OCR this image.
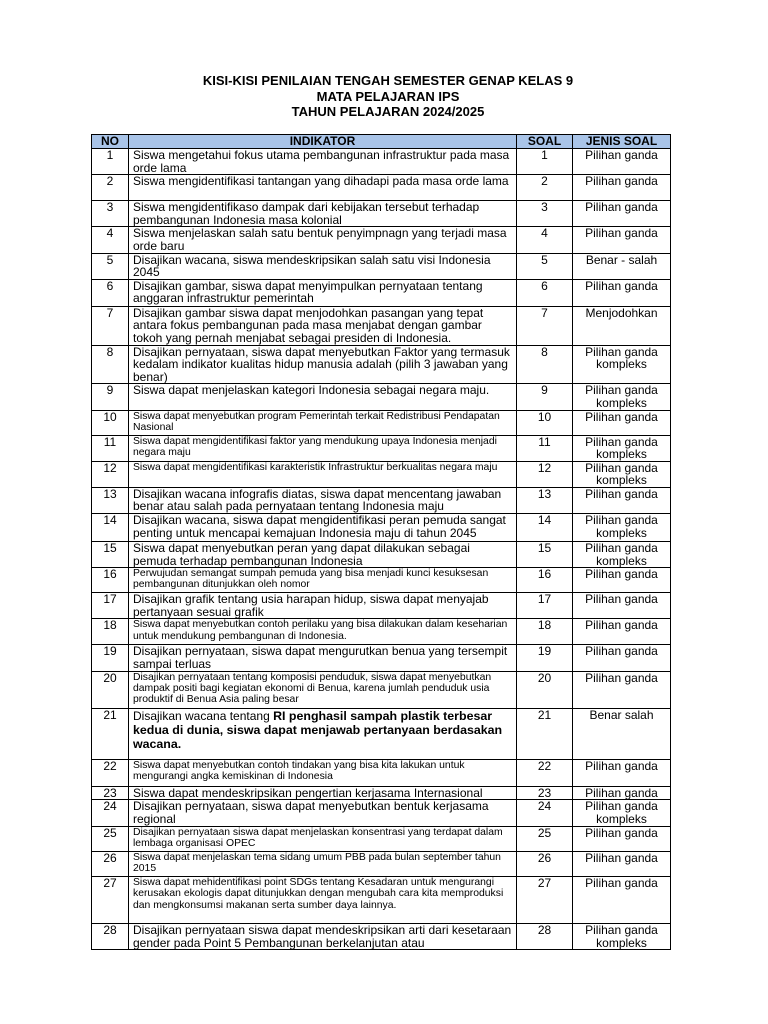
KISI-KISI PENILAIAN TENGAH SEMESTER GENAP KELAS 9
MATA PELAJARAN IPS
TAHUN PELAJARAN 2024/2025
NO	INDIKATOR	SOAL	JENIS SOAL
1	Siswa mengetahui fokus utama pembangunan infrastruktur pada masa orde lama	1	Pilihan ganda
2	Siswa mengidentifikasi tantangan yang dihadapi pada masa orde lama	2	Pilihan ganda
3	Siswa mengidentifikaso dampak dari kebijakan tersebut terhadap pembangunan Indonesia masa kolonial	3	Pilihan ganda
4	Siswa menjelaskan salah satu bentuk penyimpnagn yang terjadi masa orde baru	4	Pilihan ganda
5	Disajikan wacana, siswa mendeskripsikan salah satu visi Indonesia 2045	5	Benar - salah
6	Disajikan gambar, siswa dapat menyimpulkan pernyataan tentang anggaran infrastruktur pemerintah	6	Pilihan ganda
7	Disajikan gambar siswa dapat menjodohkan pasangan yang tepat antara fokus pembangunan pada masa menjabat dengan gambar tokoh yang pernah menjabat sebagai presiden di Indonesia.	7	Menjodohkan
8	Disajikan pernyataan, siswa dapat menyebutkan Faktor yang termasuk kedalam indikator kualitas hidup manusia adalah (pilih 3 jawaban yang benar)	8	Pilihan ganda kompleks
9	Siswa dapat menjelaskan kategori Indonesia sebagai negara maju.	9	Pilihan ganda kompleks
10	Siswa dapat menyebutkan program Pemerintah terkait Redistribusi Pendapatan Nasional	10	Pilihan ganda
11	Siswa dapat mengidentifikasi faktor yang mendukung upaya Indonesia menjadi negara maju	11	Pilihan ganda kompleks
12	Siswa dapat mengidentifikasi karakteristik Infrastruktur berkualitas negara maju	12	Pilihan ganda kompleks
13	Disajikan wacana infografis diatas, siswa dapat mencentang jawaban benar atau salah pada pernyataan tentang Indonesia maju	13	Pilihan ganda
14	Disajikan wacana, siswa dapat mengidentifikasi peran pemuda sangat penting untuk mencapai kemajuan Indonesia maju di tahun 2045	14	Pilihan ganda kompleks
15	Siswa dapat menyebutkan peran yang dapat dilakukan sebagai pemuda terhadap pembangunan Indonesia	15	Pilihan ganda kompleks
16	Perwujudan semangat sumpah pemuda yang bisa menjadi kunci kesuksesan pembangunan ditunjukkan oleh nomor	16	Pilihan ganda
17	Disajikan grafik tentang usia harapan hidup, siswa dapat menyajab pertanyaan sesuai grafik	17	Pilihan ganda
18	Siswa dapat menyebutkan contoh perilaku yang bisa dilakukan dalam keseharian untuk mendukung pembangunan di Indonesia.	18	Pilihan ganda
19	Disajikan pernyataan, siswa dapat mengurutkan benua yang tersempit sampai terluas	19	Pilihan ganda
20	Disajikan pernyataan tentang komposisi penduduk, siswa dapat menyebutkan dampak positi bagi kegiatan ekonomi di Benua, karena jumlah penduduk usia produktif di Benua Asia paling besar	20	Pilihan ganda
21	Disajikan wacana tentang RI penghasil sampah plastik terbesar kedua di dunia, siswa dapat menjawab pertanyaan berdasakan wacana.	21	Benar salah
22	Siswa dapat menyebutkan contoh tindakan yang bisa kita lakukan untuk mengurangi angka kemiskinan di Indonesia	22	Pilihan ganda
23	Siswa dapat mendeskripsikan pengertian kerjasama Internasional	23	Pilihan ganda
24	Disajikan pernyataan, siswa dapat menyebutkan bentuk kerjasama regional	24	Pilihan ganda kompleks
25	Disajikan pernyataan siswa dapat menjelaskan konsentrasi yang terdapat dalam lembaga organisasi OPEC	25	Pilihan ganda
26	Siswa dapat menjelaskan tema sidang umum PBB pada bulan september tahun 2015	26	Pilihan ganda
27	Siswa dapat mehidentifikasi point SDGs tentang Kesadaran untuk mengurangi kerusakan ekologis dapat ditunjukkan dengan mengubah cara kita memproduksi dan mengkonsumsi makanan serta sumber daya lainnya.	27	Pilihan ganda
28	Disajikan pernyataan siswa dapat mendeskripsikan arti dari kesetaraan gender pada Point 5 Pembangunan berkelanjutan atau	28	Pilihan ganda kompleks
